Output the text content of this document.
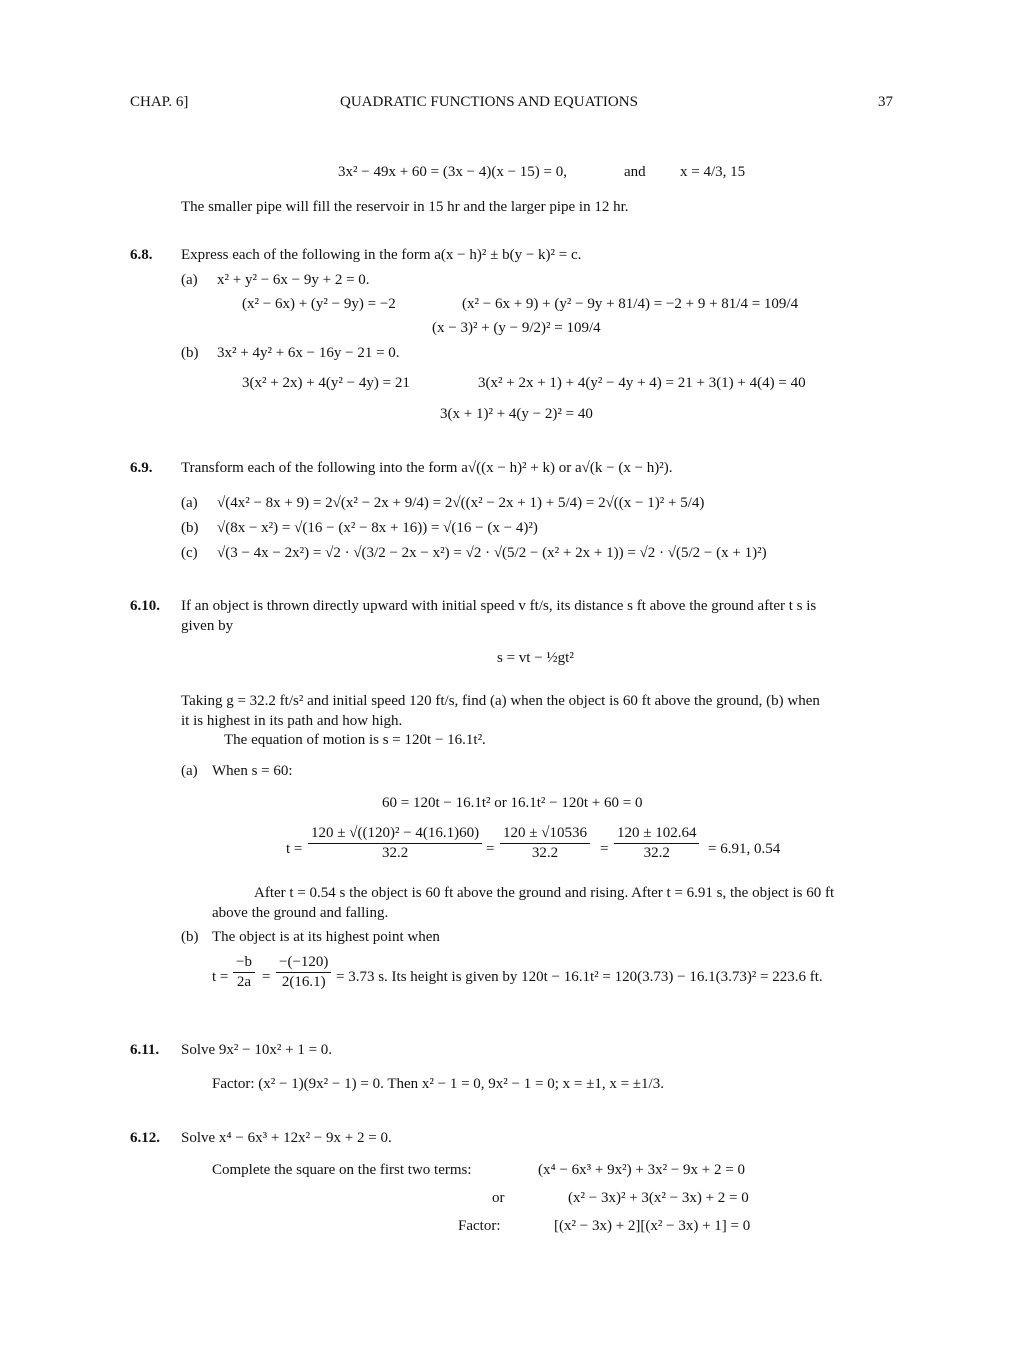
CHAP. 6]	QUADRATIC FUNCTIONS AND EQUATIONS	37
3x² − 49x + 60 = (3x − 4)(x − 15) = 0,	and x = 4/3, 15
The smaller pipe will fill the reservoir in 15 hr and the larger pipe in 12 hr.
6.8. Express each of the following in the form a(x − h)² ± b(y − k)² = c.
(a) x² + y² − 6x − 9y + 2 = 0.
(x² − 6x) + (y² − 9y) = −2	(x² − 6x + 9) + (y² − 9y + 81/4) = −2 + 9 + 81/4 = 109/4
(x − 3)² + (y − 9/2)² = 109/4
(b) 3x² + 4y² + 6x − 16y − 21 = 0.
3(x² + 2x) + 4(y² − 4y) = 21	3(x² + 2x + 1) + 4(y² − 4y + 4) = 21 + 3(1) + 4(4) = 40
3(x + 1)² + 4(y − 2)² = 40
6.9. Transform each of the following into the form a√((x − h)² + k) or a√(k − (x − h)²).
(a) √(4x² − 8x + 9) = 2√(x² − 2x + 9/4) = 2√((x² − 2x + 1) + 5/4) = 2√((x − 1)² + 5/4)
(b) √(8x − x²) = √(16 − (x² − 8x + 16)) = √(16 − (x − 4)²)
(c) √(3 − 4x − 2x²) = √2 · √(3/2 − 2x − x²) = √2 · √(5/2 − (x² + 2x + 1)) = √2 · √(5/2 − (x + 1)²)
6.10. If an object is thrown directly upward with initial speed v ft/s, its distance s ft above the ground after t s is
given by
s = vt − ½gt²
Taking g = 32.2 ft/s² and initial speed 120 ft/s, find (a) when the object is 60 ft above the ground, (b) when
it is highest in its path and how high.
The equation of motion is s = 120t − 16.1t².
(a) When s = 60:
60 = 120t − 16.1t² or 16.1t² − 120t + 60 = 0
$t = \frac{\text{120 ± √((120)² − 4(16.1)60)}}{32.2} = \frac{120 \pm √10536}{32.2} = \frac{120 \pm 102.64}{32.2} = 6.91$, 0.54
After t = 0.54 s the object is 60 ft above the ground and rising. After t = 6.91 s, the object is 60 ft
above the ground and falling.
(b) The object is at its highest point when
$t = \frac{-b}{2a} = \frac{-(-120)}{2(16.1)} = 3.73$ s. Its height is given by 120t − 16.1t² = 120(3.73) − 16.1(3.73)² = 223.6 ft.
6.11. Solve 9x² − 10x² + 1 = 0.
Factor: (x² − 1)(9x² − 1) = 0. Then x² − 1 = 0, 9x² − 1 = 0; x = ±1, x = ±1/3.
6.12. Solve x⁴ − 6x³ + 12x² − 9x + 2 = 0.
Complete the square on the first two terms:	(x⁴ − 6x³ + 9x²) + 3x² − 9x + 2 = 0
or	(x² − 3x)² + 3(x² − 3x) + 2 = 0
Factor:	[(x² − 3x) + 2][(x² − 3x) + 1] = 0
